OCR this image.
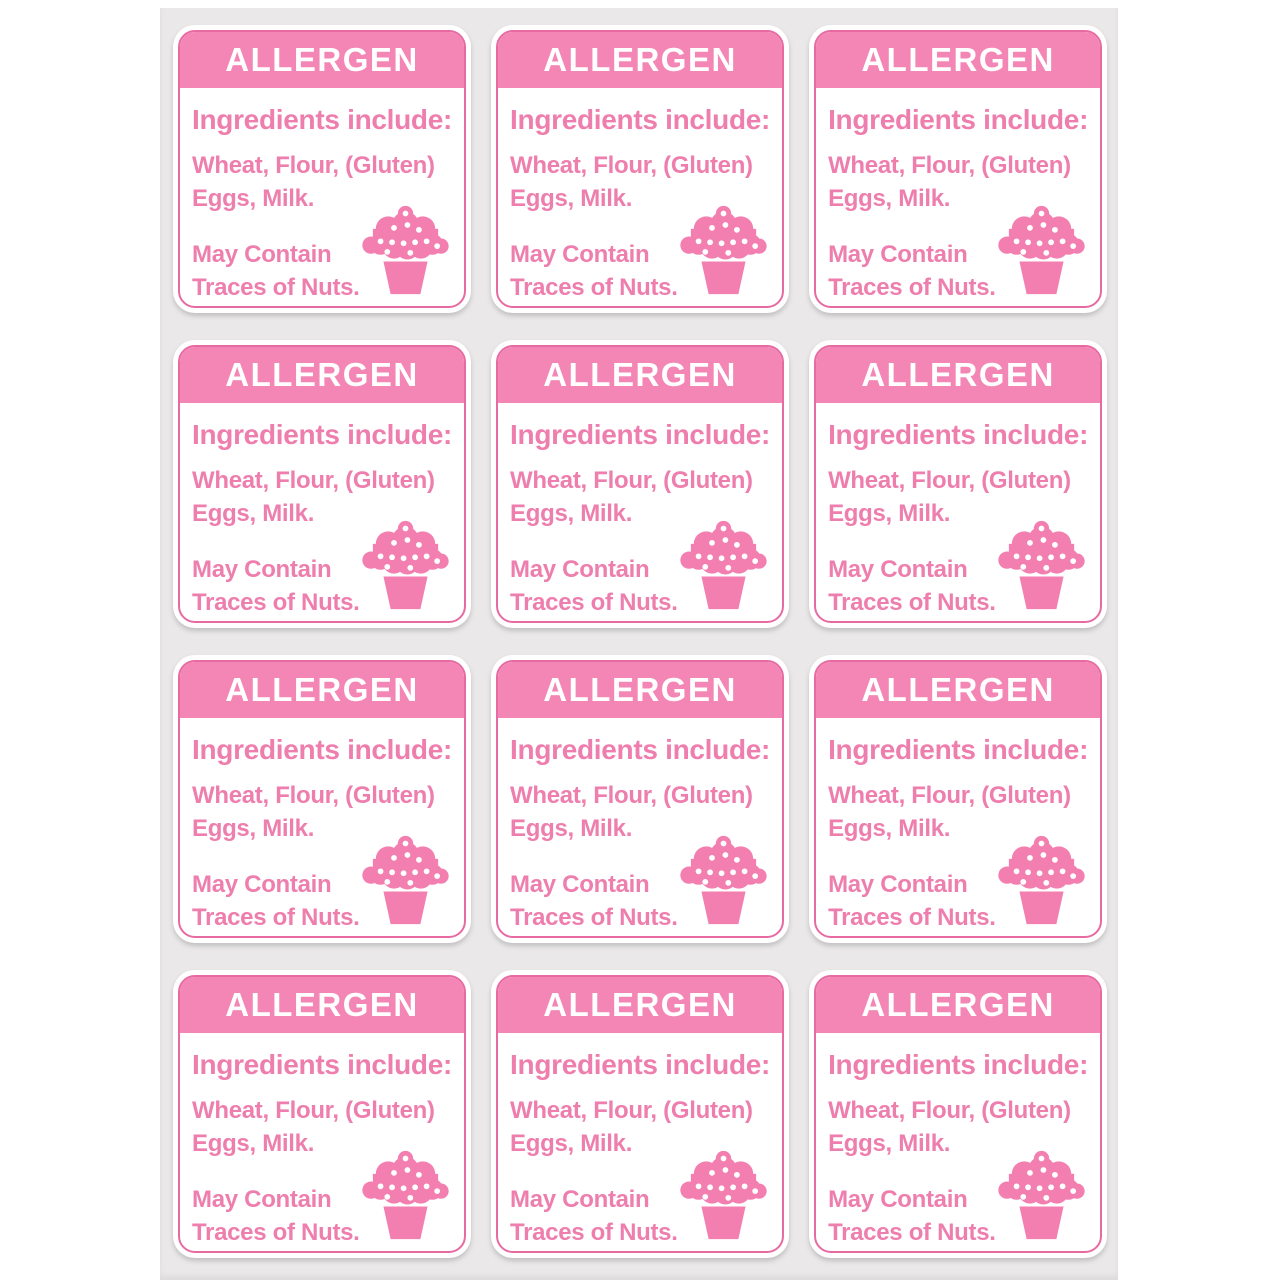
ALLERGEN
Ingredients include:
Wheat, Flour, (Gluten)
Eggs, Milk.
May Contain
Traces of Nuts.
ALLERGEN
Ingredients include:
Wheat, Flour, (Gluten)
Eggs, Milk.
May Contain
Traces of Nuts.
ALLERGEN
Ingredients include:
Wheat, Flour, (Gluten)
Eggs, Milk.
May Contain
Traces of Nuts.
ALLERGEN
Ingredients include:
Wheat, Flour, (Gluten)
Eggs, Milk.
May Contain
Traces of Nuts.
ALLERGEN
Ingredients include:
Wheat, Flour, (Gluten)
Eggs, Milk.
May Contain
Traces of Nuts.
ALLERGEN
Ingredients include:
Wheat, Flour, (Gluten)
Eggs, Milk.
May Contain
Traces of Nuts.
ALLERGEN
Ingredients include:
Wheat, Flour, (Gluten)
Eggs, Milk.
May Contain
Traces of Nuts.
ALLERGEN
Ingredients include:
Wheat, Flour, (Gluten)
Eggs, Milk.
May Contain
Traces of Nuts.
ALLERGEN
Ingredients include:
Wheat, Flour, (Gluten)
Eggs, Milk.
May Contain
Traces of Nuts.
ALLERGEN
Ingredients include:
Wheat, Flour, (Gluten)
Eggs, Milk.
May Contain
Traces of Nuts.
ALLERGEN
Ingredients include:
Wheat, Flour, (Gluten)
Eggs, Milk.
May Contain
Traces of Nuts.
ALLERGEN
Ingredients include:
Wheat, Flour, (Gluten)
Eggs, Milk.
May Contain
Traces of Nuts.
